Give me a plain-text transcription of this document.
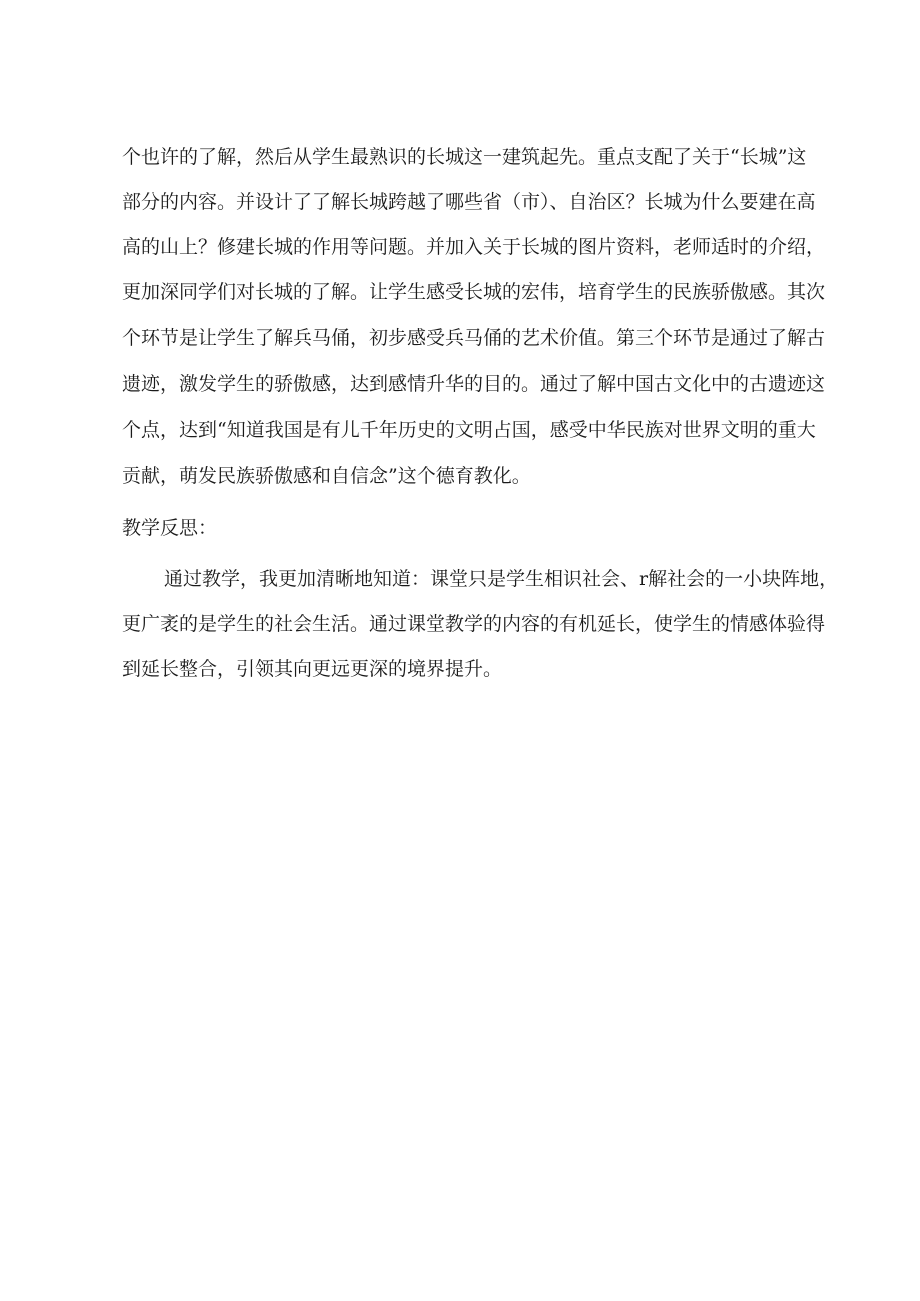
个也许的了解，然后从学生最熟识的长城这一建筑起先。重点支配了关于“长城”这
部分的内容。并设计了了解长城跨越了哪些省（市）、自治区？长城为什么要建在高
高的山上？修建长城的作用等问题。并加入关于长城的图片资料，老师适时的介绍，
更加深同学们对长城的了解。让学生感受长城的宏伟，培育学生的民族骄傲感。其次
个环节是让学生了解兵马俑，初步感受兵马俑的艺术价值。第三个环节是通过了解古
遗迹，激发学生的骄傲感，达到感情升华的目的。通过了解中国古文化中的古遗迹这
个点，达到“知道我国是有儿千年历史的文明占国，感受中华民族对世界文明的重大
贡献，萌发民族骄傲感和自信念”这个德育教化。
教学反思：
通过教学，我更加清晰地知道：课堂只是学生相识社会、r解社会的一小块阵地，
更广袤的是学生的社会生活。通过课堂教学的内容的有机延长，使学生的情感体验得
到延长整合，引领其向更远更深的境界提升。
